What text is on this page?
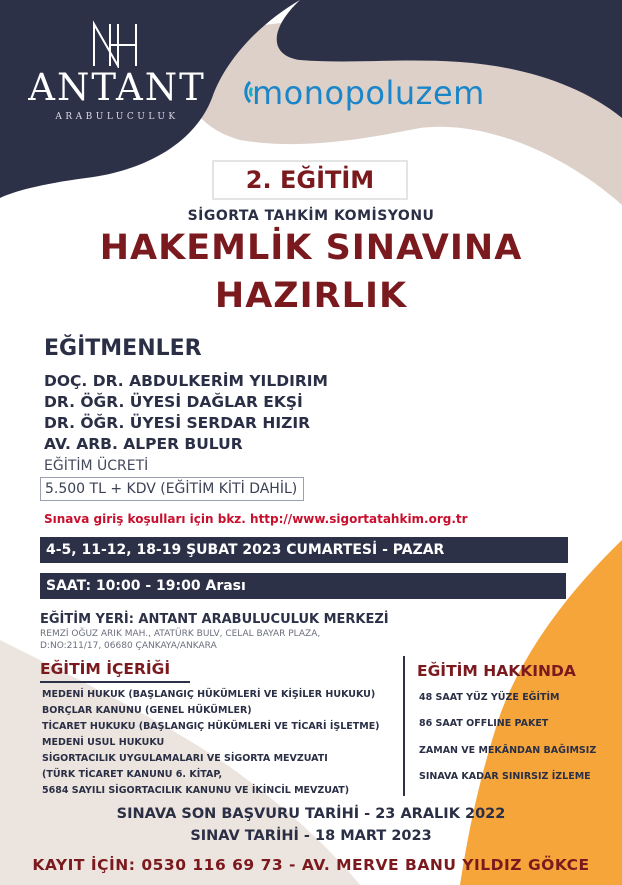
ANTANT
ARABULUCULUK
monopoluzem
2. EĞİTİM
SİGORTA TAHKİM KOMİSYONU
HAKEMLİK SINAVINA
HAZIRLIK
EĞİTMENLER
DOÇ. DR. ABDULKERİM YILDIRIM
DR. ÖĞR. ÜYESİ DAĞLAR EKŞİ
DR. ÖĞR. ÜYESİ SERDAR HIZIR
AV. ARB. ALPER BULUR
EĞİTİM ÜCRETİ
5.500 TL + KDV (EĞİTİM KİTİ DAHİL)
Sınava giriş koşulları için bkz. http://www.sigortatahkim.org.tr
4-5, 11-12, 18-19 ŞUBAT 2023 CUMARTESİ - PAZAR
SAAT: 10:00 - 19:00 Arası
EĞİTİM YERİ: ANTANT ARABULUCULUK MERKEZİ
REMZİ OĞUZ ARIK MAH., ATATÜRK BULV, CELAL BAYAR PLAZA,
D:NO:211/17, 06680 ÇANKAYA/ANKARA
EĞİTİM İÇERİĞİ
MEDENİ HUKUK (BAŞLANGIÇ HÜKÜMLERİ VE KİŞİLER HUKUKU)
BORÇLAR KANUNU (GENEL HÜKÜMLER)
TİCARET HUKUKU (BAŞLANGIÇ HÜKÜMLERİ VE TİCARİ İŞLETME)
MEDENİ USUL HUKUKU
SİGORTACILIK UYGULAMALARI VE SİGORTA MEVZUATI
(TÜRK TİCARET KANUNU 6. KİTAP,
5684 SAYILI SİGORTACILIK KANUNU VE İKİNCİL MEVZUAT)
EĞİTİM HAKKINDA
48 SAAT YÜZ YÜZE EĞİTİM
86 SAAT OFFLINE PAKET
ZAMAN VE MEKÂNDAN BAĞIMSIZ
SINAVA KADAR SINIRSIZ İZLEME
SINAVA SON BAŞVURU TARİHİ - 23 ARALIK 2022
SINAV TARİHİ - 18 MART 2023
KAYIT İÇİN: 0530 116 69 73 - AV. MERVE BANU YILDIZ GÖKCE
